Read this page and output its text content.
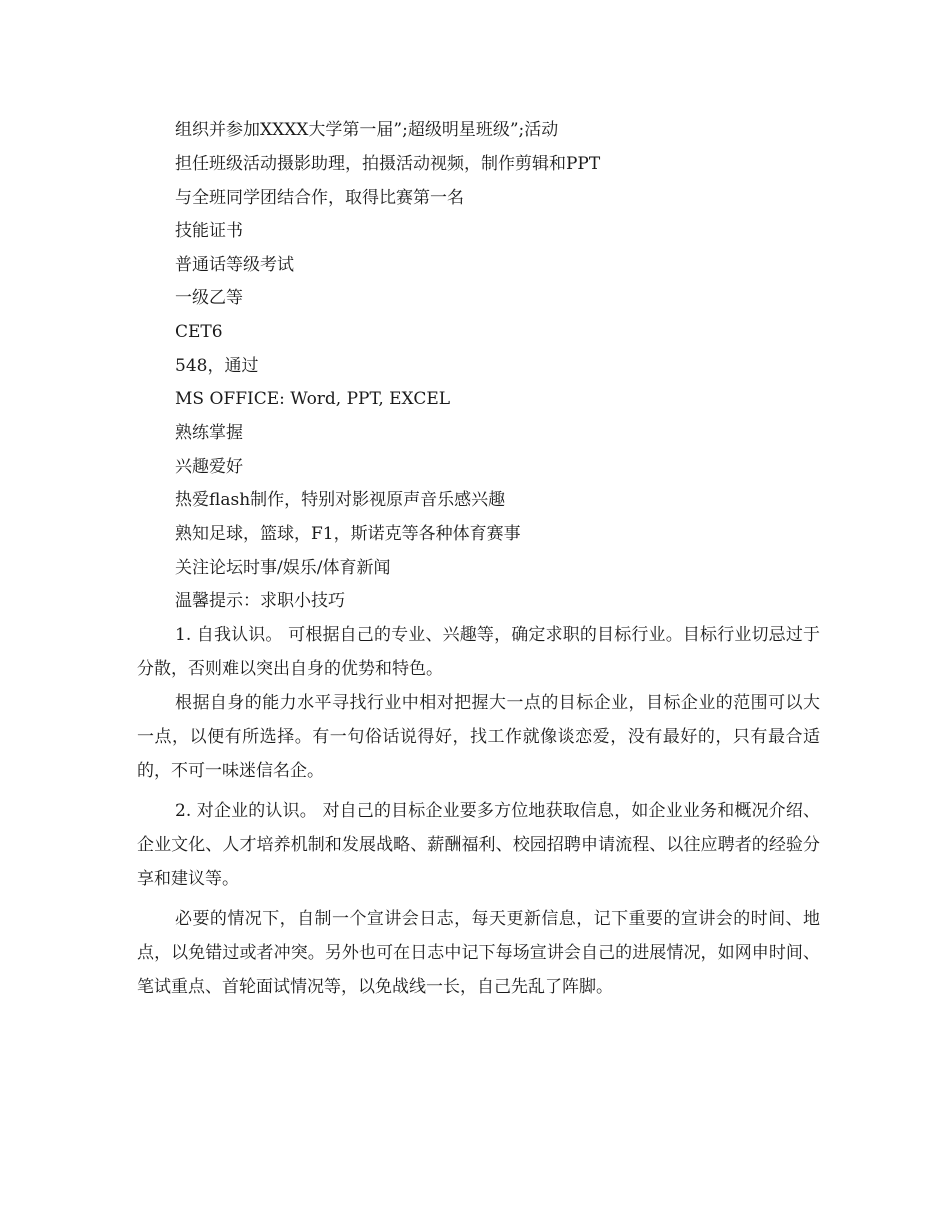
组织并参加XXXX大学第一届”;超级明星班级”;活动
担任班级活动摄影助理，拍摄活动视频，制作剪辑和PPT
与全班同学团结合作，取得比赛第一名
技能证书
普通话等级考试
一级乙等
CET6
548，通过
MS OFFICE: Word, PPT, EXCEL
熟练掌握
兴趣爱好
热爱flash制作，特别对影视原声音乐感兴趣
熟知足球，篮球，F1，斯诺克等各种体育赛事
关注论坛时事/娱乐/体育新闻
温馨提示：求职小技巧
1. 自我认识。 可根据自己的专业、兴趣等，确定求职的目标行业。目标行业切忌过于分散，否则难以突出自身的优势和特色。
根据自身的能力水平寻找行业中相对把握大一点的目标企业，目标企业的范围可以大一点，以便有所选择。有一句俗话说得好，找工作就像谈恋爱，没有最好的，只有最合适的，不可一味迷信名企。
2. 对企业的认识。 对自己的目标企业要多方位地获取信息，如企业业务和概况介绍、企业文化、人才培养机制和发展战略、薪酬福利、校园招聘申请流程、以往应聘者的经验分享和建议等。
必要的情况下，自制一个宣讲会日志，每天更新信息，记下重要的宣讲会的时间、地点，以免错过或者冲突。另外也可在日志中记下每场宣讲会自己的进展情况，如网申时间、笔试重点、首轮面试情况等，以免战线一长，自己先乱了阵脚。
